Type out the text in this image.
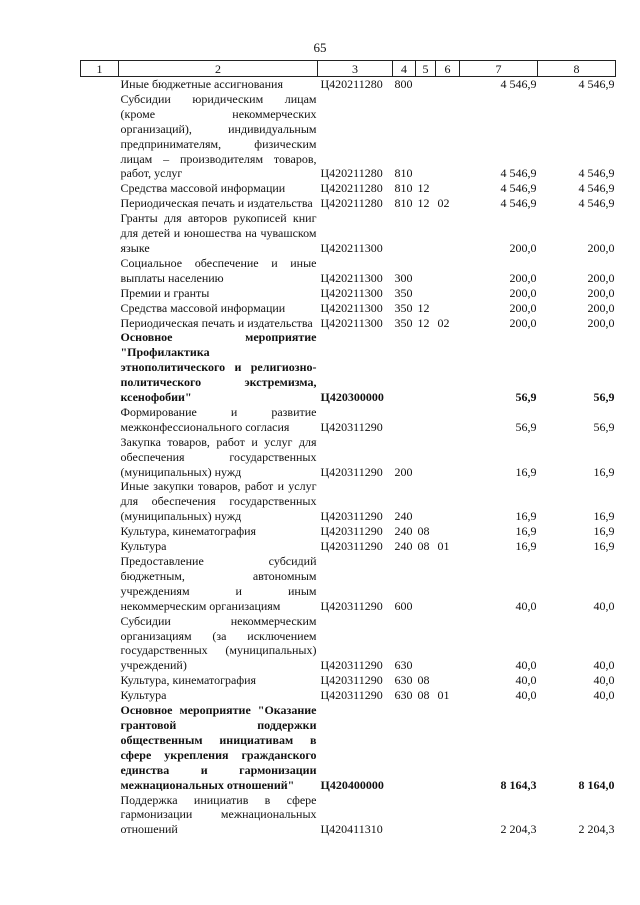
65
1	2	3	4	5	6	7	8
	Иные бюджетные ассигнования	Ц420211280	800			4 546,9	4 546,9
	Субсидии юридическим лицам (кроме некоммерческих организаций), индивидуальным предпринимателям, физическим лицам – производителям товаров, работ, услуг	Ц420211280	810			4 546,9	4 546,9
	Средства массовой информации	Ц420211280	810	12		4 546,9	4 546,9
	Периодическая печать и издательства	Ц420211280	810	12	02	4 546,9	4 546,9
	Гранты для авторов рукописей книг для детей и юношества на чувашском языке	Ц420211300				200,0	200,0
	Социальное обеспечение и иные выплаты населению	Ц420211300	300			200,0	200,0
	Премии и гранты	Ц420211300	350			200,0	200,0
	Средства массовой информации	Ц420211300	350	12		200,0	200,0
	Периодическая печать и издательства	Ц420211300	350	12	02	200,0	200,0
	Основное мероприятие "Профилактика этнополитического и религиозно-политического экстремизма, ксенофобии"	Ц420300000				56,9	56,9
	Формирование и развитие межконфессионального согласия	Ц420311290				56,9	56,9
	Закупка товаров, работ и услуг для обеспечения государственных (муниципальных) нужд	Ц420311290	200			16,9	16,9
	Иные закупки товаров, работ и услуг для обеспечения государственных (муниципальных) нужд	Ц420311290	240			16,9	16,9
	Культура, кинематография	Ц420311290	240	08		16,9	16,9
	Культура	Ц420311290	240	08	01	16,9	16,9
	Предоставление субсидий бюджетным, автономным учреждениям и иным некоммерческим организациям	Ц420311290	600			40,0	40,0
	Субсидии некоммерческим организациям (за исключением государственных (муниципальных) учреждений)	Ц420311290	630			40,0	40,0
	Культура, кинематография	Ц420311290	630	08		40,0	40,0
	Культура	Ц420311290	630	08	01	40,0	40,0
	Основное мероприятие "Оказание грантовой поддержки общественным инициативам в сфере укрепления гражданского единства и гармонизации межнациональных отношений"	Ц420400000				8 164,3	8 164,0
	Поддержка инициатив в сфере гармонизации межнациональных отношений	Ц420411310				2 204,3	2 204,3
